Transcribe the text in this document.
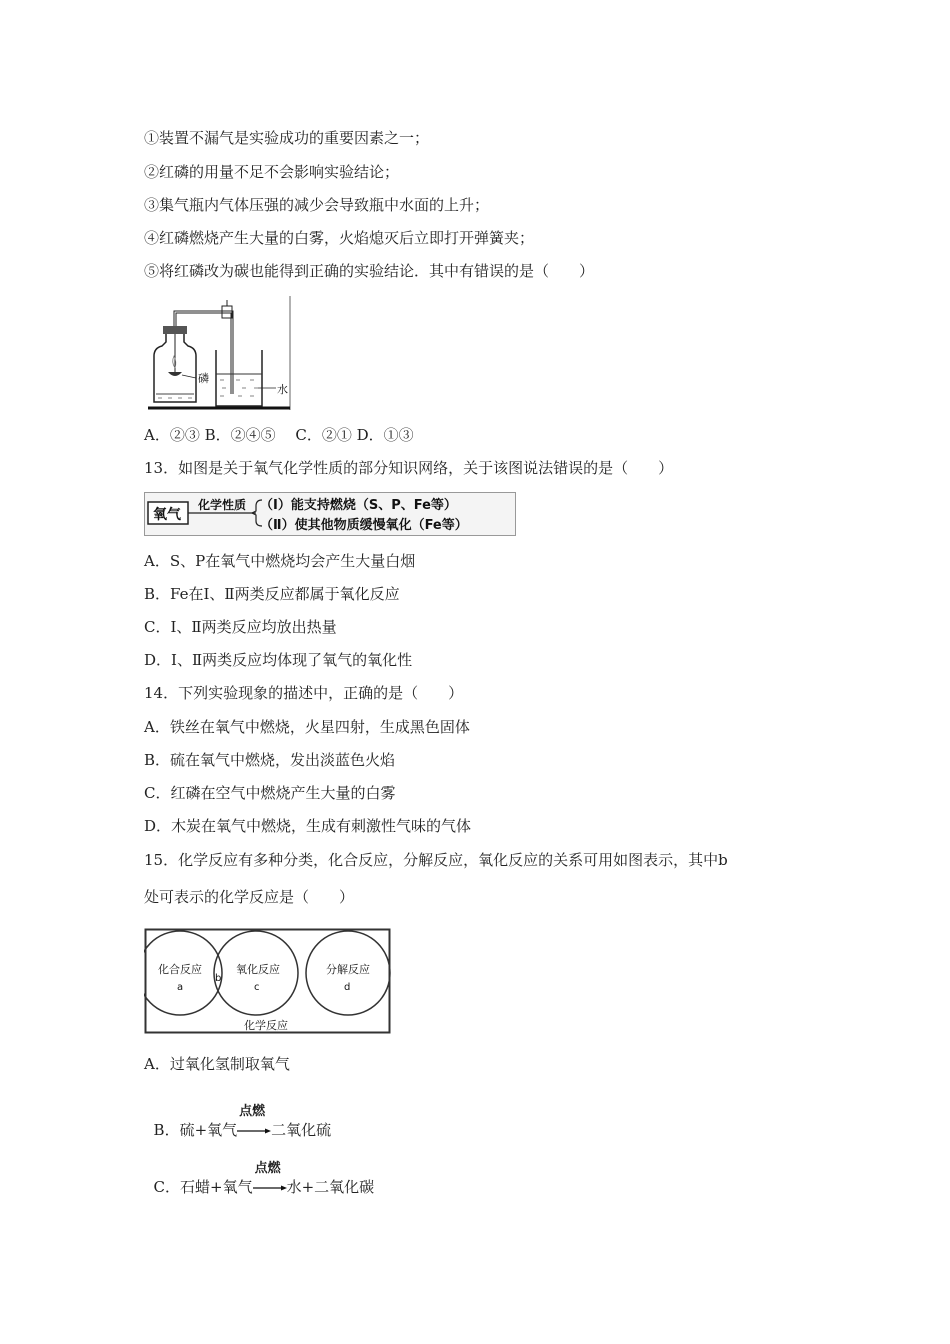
①装置不漏气是实验成功的重要因素之一；
②红磷的用量不足不会影响实验结论；
③集气瓶内气体压强的减少会导致瓶中水面的上升；
④红磷燃烧产生大量的白雾，火焰熄灭后立即打开弹簧夹；
⑤将红磷改为碳也能得到正确的实验结论．其中有错误的是（　　）
磷
水
A．②③ B．②④⑤　 C．②① D．①③
13．如图是关于氧气化学性质的部分知识网络，关于该图说法错误的是（　　）
氧气
化学性质 （Ⅰ）能支持燃烧（S、P、Fe等）
（Ⅱ）使其他物质缓慢氧化（Fe等）
A．S、P在氧气中燃烧均会产生大量白烟
B．Fe在Ⅰ、Ⅱ两类反应都属于氧化反应
C．Ⅰ、Ⅱ两类反应均放出热量
D．Ⅰ、Ⅱ两类反应均体现了氧气的氧化性
14．下列实验现象的描述中，正确的是（　　）
A．铁丝在氧气中燃烧，火星四射，生成黑色固体
B．硫在氧气中燃烧，发出淡蓝色火焰
C．红磷在空气中燃烧产生大量的白雾
D．木炭在氧气中燃烧，生成有刺激性气味的气体
15．化学反应有多种分类，化合反应，分解反应，氧化反应的关系可用如图表示，其中b
处可表示的化学反应是（　　）
化合反应
a
b
氧化反应
c
分解反应
d
化学反应
A．过氧化氢制取氧气

B．硫+氧气
点燃
二氧化硫

C．石蜡+氧气
点燃
水+二氧化碳
